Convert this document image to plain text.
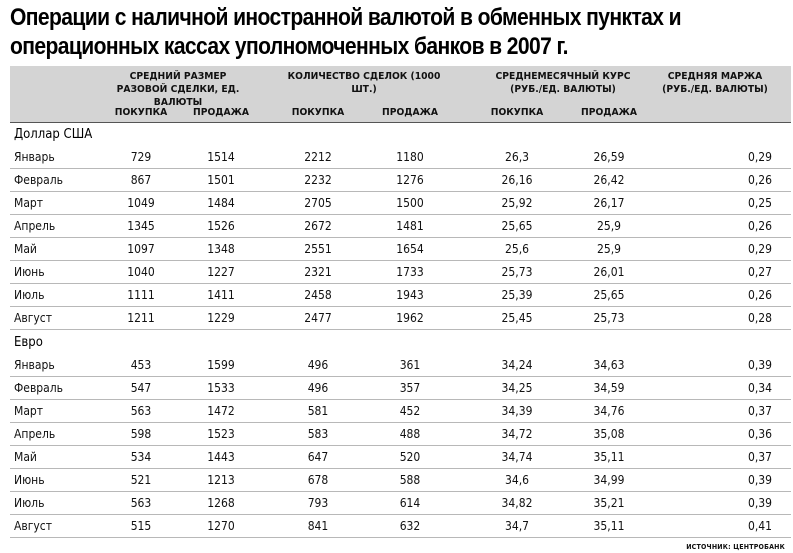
Операции с наличной иностранной валютой в обменных пунктах и
операционных кассах уполномоченных банков в 2007 г.
ИСТОЧНИК: ЦЕНТРОБАНК
СРЕДНИЙ РАЗМЕР
РАЗОВОЙ СДЕЛКИ, ЕД. ВАЛЮТЫ
КОЛИЧЕСТВО СДЕЛОК (1000 ШТ.)
СРЕДНЕМЕСЯЧНЫЙ КУРС
(РУБ./ЕД. ВАЛЮТЫ)
СРЕДНЯЯ МАРЖА
(РУБ./ЕД. ВАЛЮТЫ)
ПОКУПКА	ПРОДАЖА	ПОКУПКА	ПРОДАЖА	ПОКУПКА	ПРОДАЖА
Доллар США
Январь	729	1514	2212	1180	26,3	26,59	0,29
Февраль	867	1501	2232	1276	26,16	26,42	0,26
Март	1049	1484	2705	1500	25,92	26,17	0,25
Апрель	1345	1526	2672	1481	25,65	25,9	0,26
Май	1097	1348	2551	1654	25,6	25,9	0,29
Июнь	1040	1227	2321	1733	25,73	26,01	0,27
Июль	1111	1411	2458	1943	25,39	25,65	0,26
Август	1211	1229	2477	1962	25,45	25,73	0,28
Евро
Январь	453	1599	496	361	34,24	34,63	0,39
Февраль	547	1533	496	357	34,25	34,59	0,34
Март	563	1472	581	452	34,39	34,76	0,37
Апрель	598	1523	583	488	34,72	35,08	0,36
Май	534	1443	647	520	34,74	35,11	0,37
Июнь	521	1213	678	588	34,6	34,99	0,39
Июль	563	1268	793	614	34,82	35,21	0,39
Август	515	1270	841	632	34,7	35,11	0,41
